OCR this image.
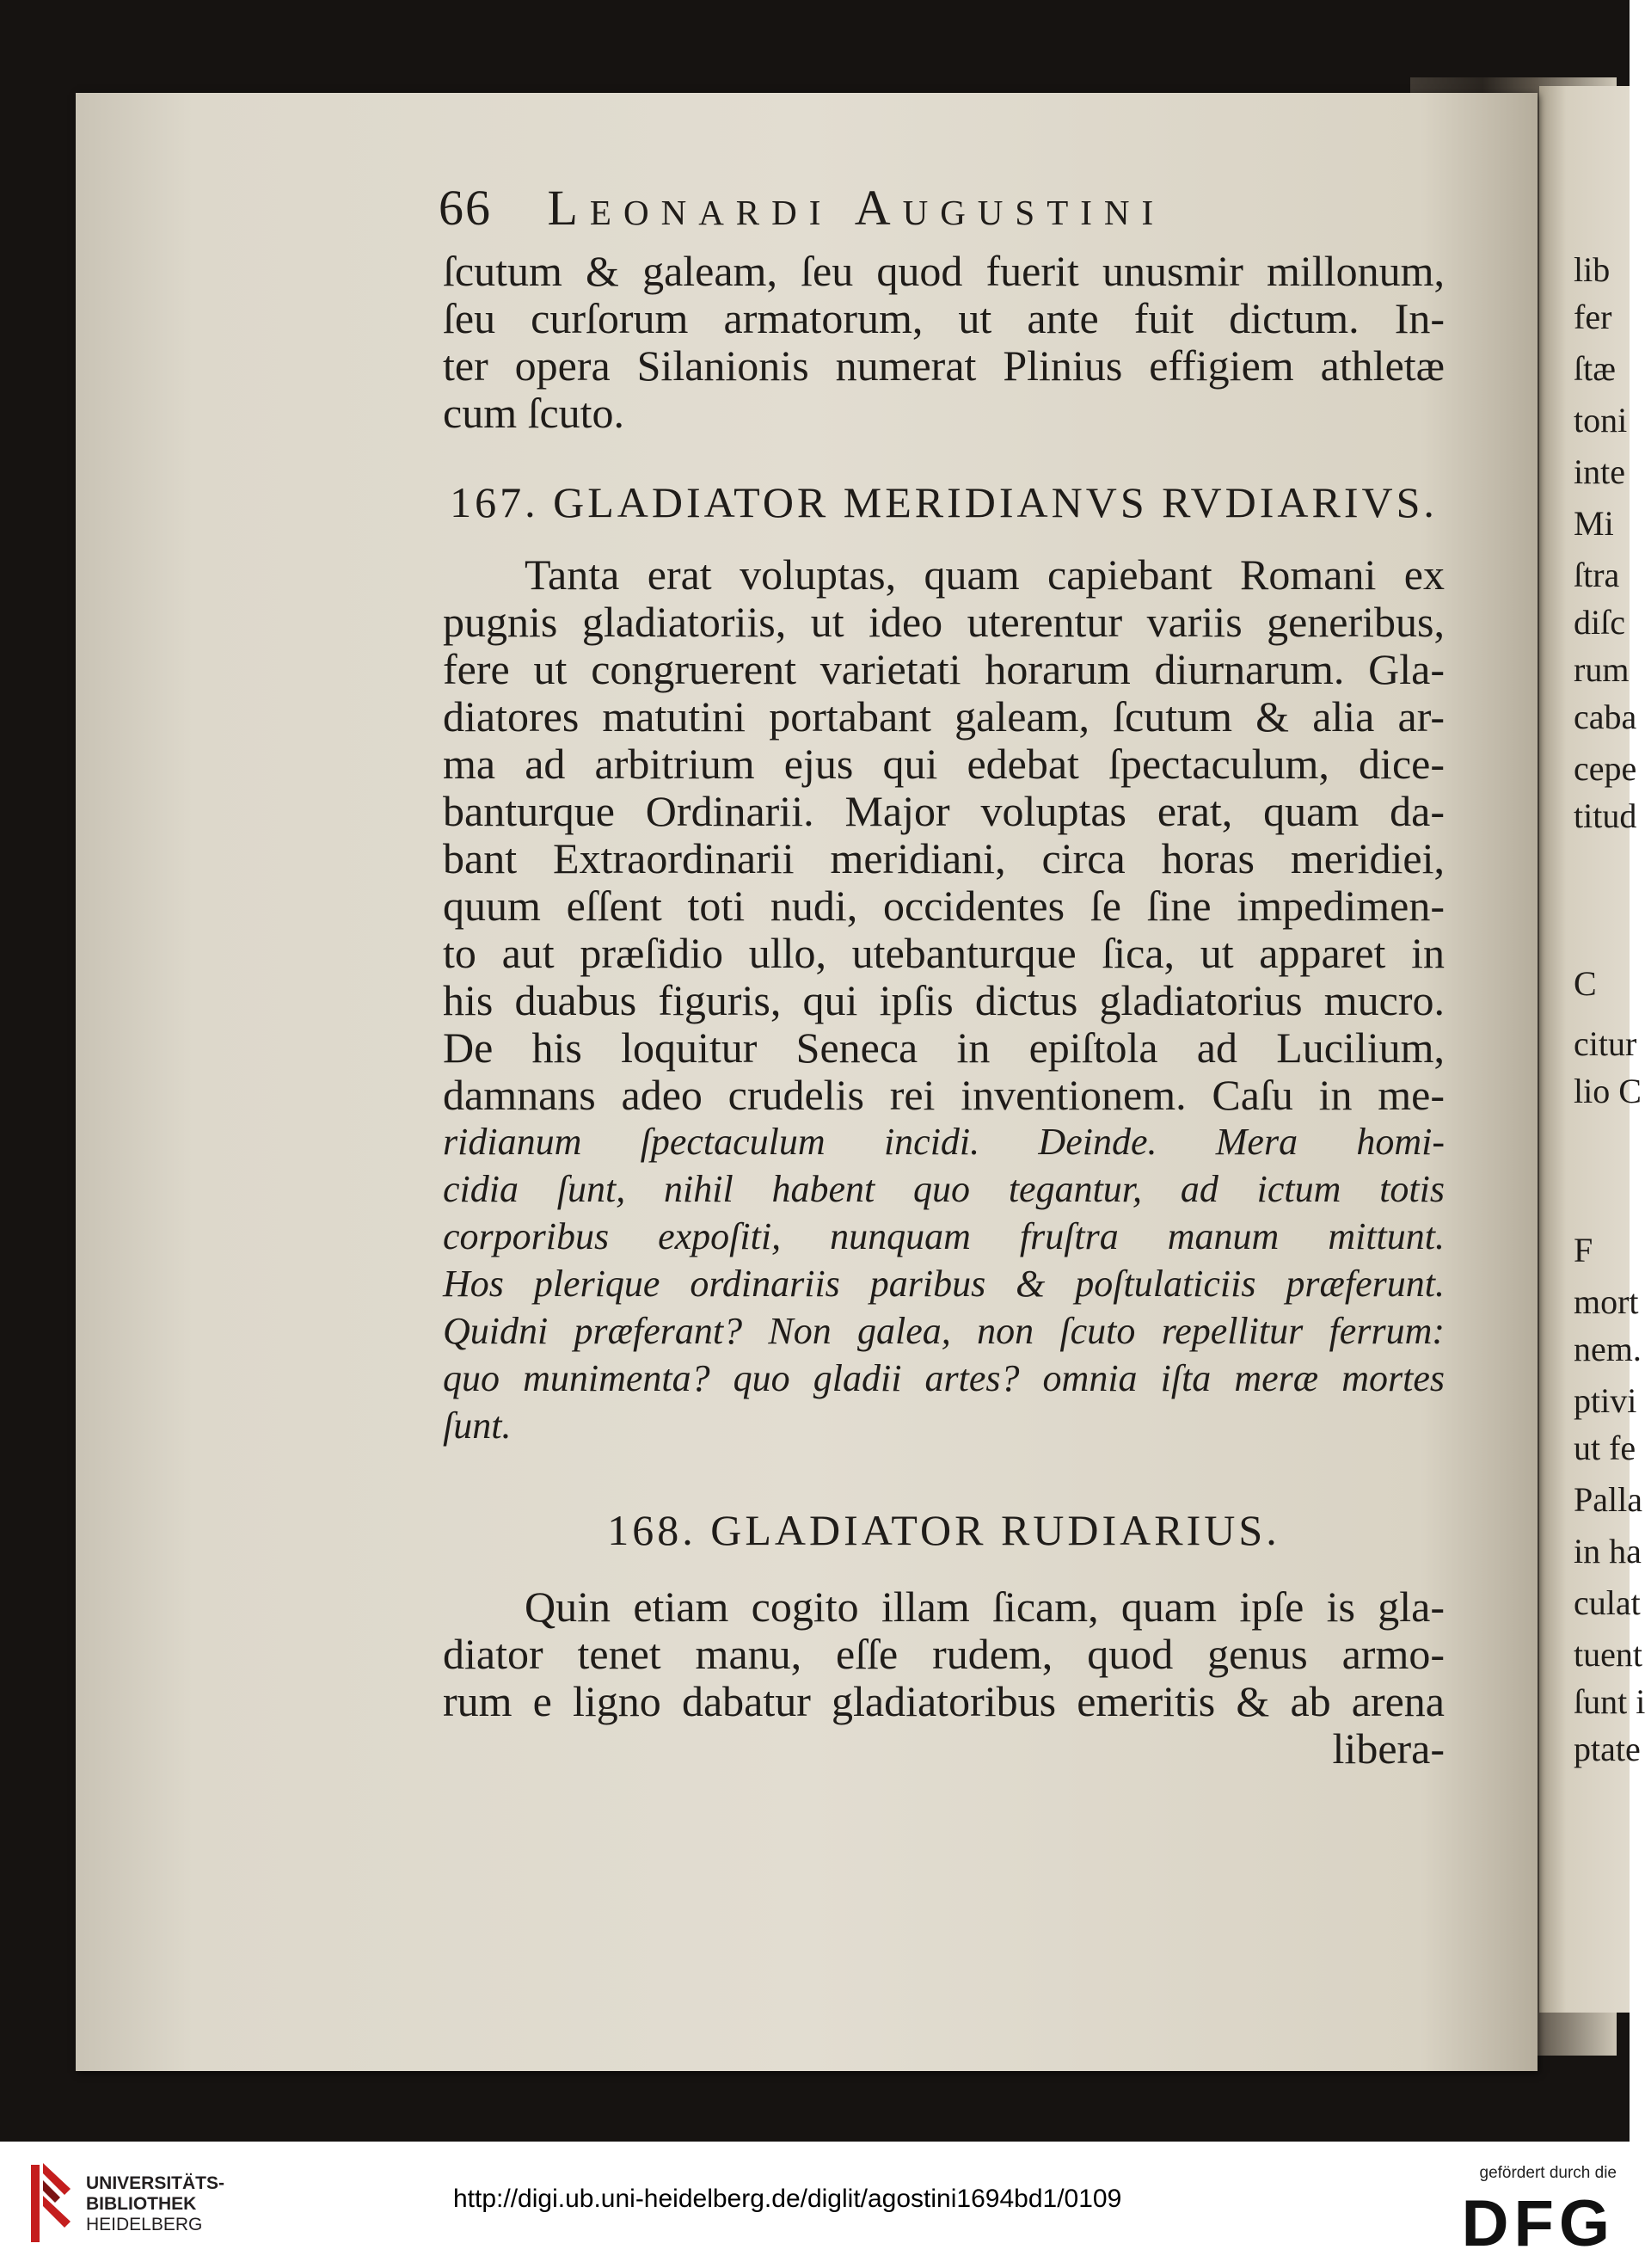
66 Leonardi Augustini
ſcutum & galeam, ſeu quod fuerit unusmir millonum,
ſeu curſorum armatorum, ut ante fuit dictum. In-
ter opera Silanionis numerat Plinius effigiem athletæ
cum ſcuto.
167. GLADIATOR MERIDIANVS RVDIARIVS.
Tanta erat voluptas, quam capiebant Romani ex
pugnis gladiatoriis, ut ideo uterentur variis generibus,
fere ut congruerent varietati horarum diurnarum. Gla-
diatores matutini portabant galeam, ſcutum & alia ar-
ma ad arbitrium ejus qui edebat ſpectaculum, dice-
banturque Ordinarii. Major voluptas erat, quam da-
bant Extraordinarii meridiani, circa horas meridiei,
quum eſſent toti nudi, occidentes ſe ſine impedimen-
to aut præſidio ullo, utebanturque ſica, ut apparet in
his duabus figuris, qui ipſis dictus gladiatorius mucro.
De his loquitur Seneca in epiſtola ad Lucilium,
damnans adeo crudelis rei inventionem. Caſu in me-
ridianum ſpectaculum incidi. Deinde. Mera homi-
cidia ſunt, nihil habent quo tegantur, ad ictum totis
corporibus expoſiti, nunquam fruſtra manum mittunt.
Hos plerique ordinariis paribus & poſtulaticiis præferunt.
Quidni præferant? Non galea, non ſcuto repellitur ferrum:
quo munimenta? quo gladii artes? omnia iſta meræ mortes
ſunt.
168. GLADIATOR RUDIARIUS.
Quin etiam cogito illam ſicam, quam ipſe is gla-
diator tenet manu, eſſe rudem, quod genus armo-
rum e ligno dabatur gladiatoribus emeritis & ab arena
libera-
lib
fer
ſtæ
toni
inte
Mi
ſtra
diſc
rum
caba
cepe
titud
C
citur
lio C
F
mort
nem.
ptivi
ut fe
Palla
in ha
culat
tuent
ſunt i
ptate
UNIVERSITÄTS-
BIBLIOTHEK
HEIDELBERG
http://digi.ub.uni-heidelberg.de/diglit/agostini1694bd1/0109
gefördert durch die
DFG
